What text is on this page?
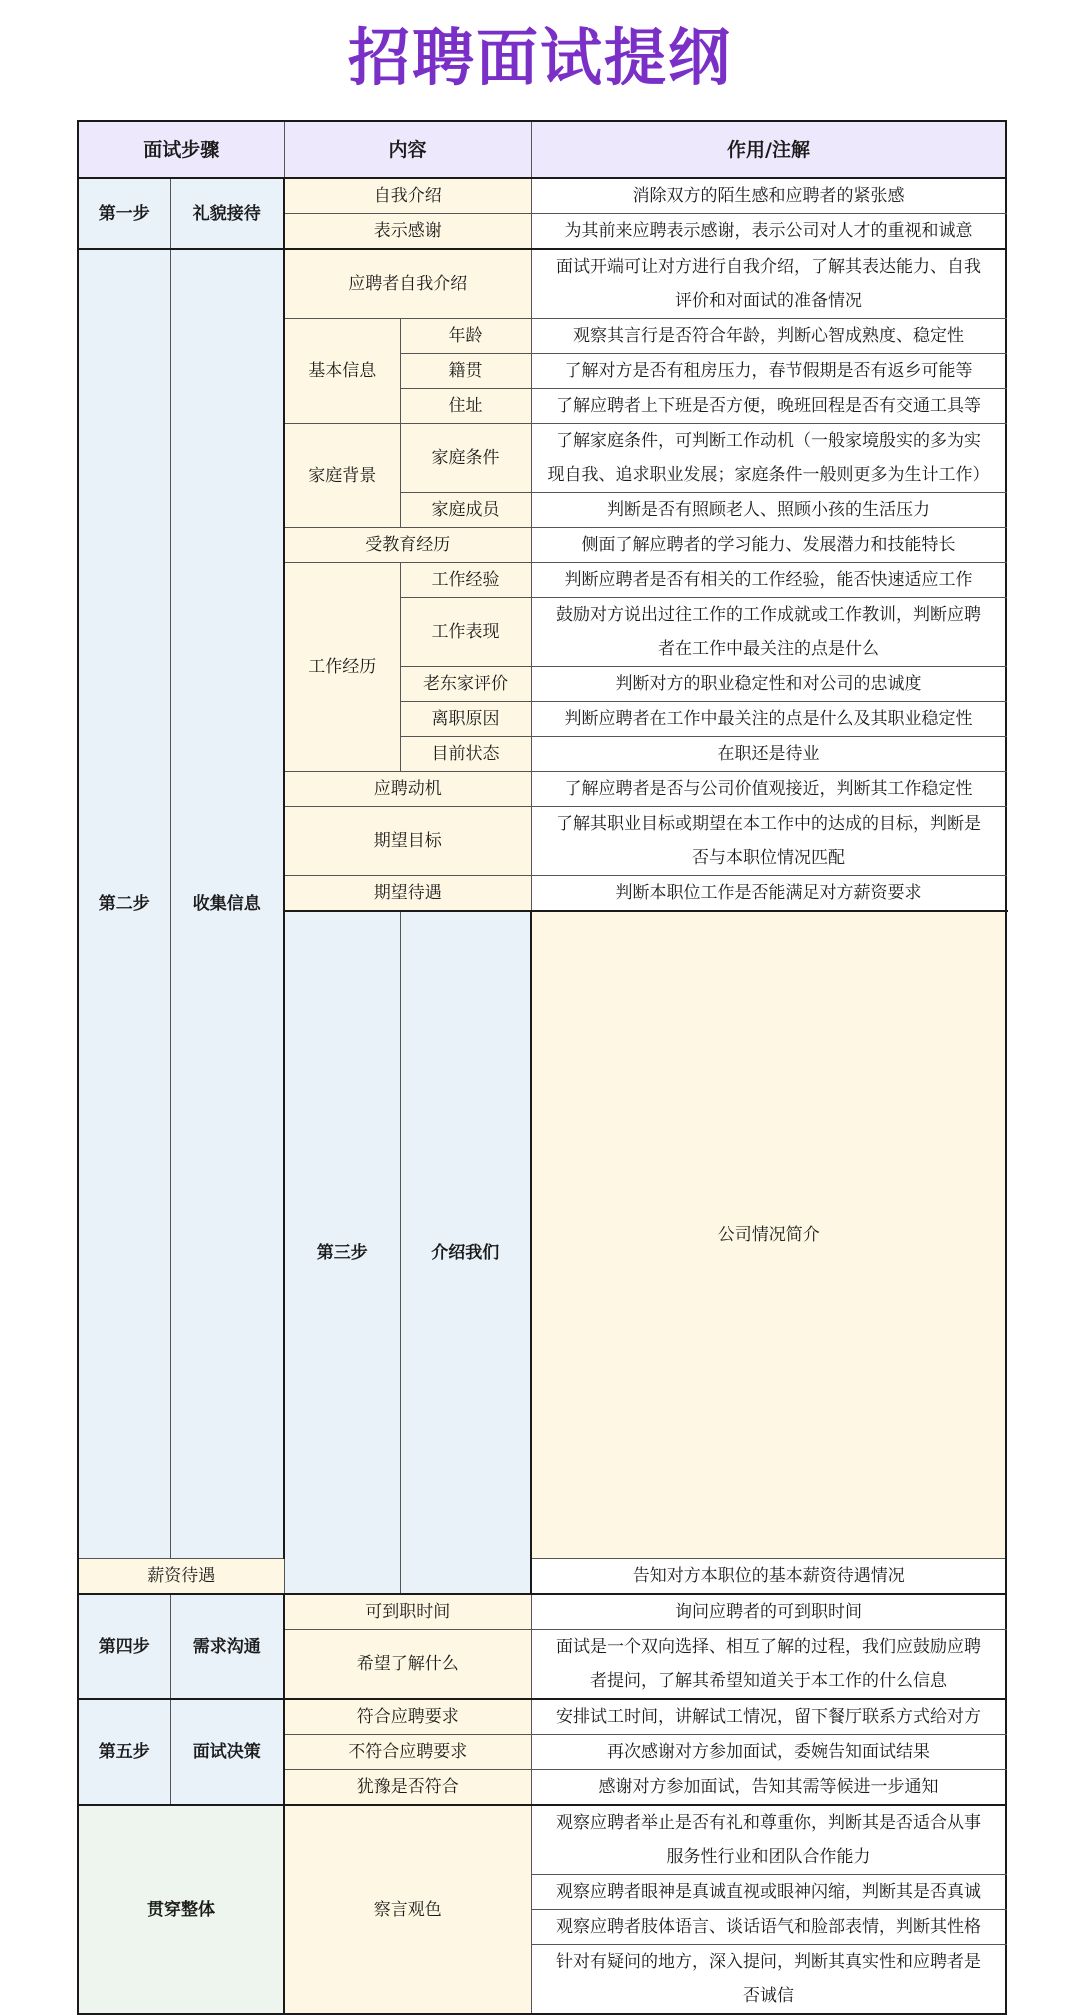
招聘面试提纲
面试步骤		内容		作用/注解	
第一步	礼貌接待	自我介绍		消除双方的陌生感和应聘者的紧张感	
		表示感谢		为其前来应聘表示感谢，表示公司对人才的重视和诚意	
第二步	收集信息	应聘者自我介绍		面试开端可让对方进行自我介绍，了解其表达能力、自我	
				评价和对面试的准备情况	
		基本信息	年龄	观察其言行是否符合年龄，判断心智成熟度、稳定性	
			籍贯	了解对方是否有租房压力，春节假期是否有返乡可能等	
			住址	了解应聘者上下班是否方便，晚班回程是否有交通工具等	
		家庭背景	家庭条件	了解家庭条件，可判断工作动机（一般家境殷实的多为实	
				现自我、追求职业发展；家庭条件一般则更多为生计工作）	
			家庭成员	判断是否有照顾老人、照顾小孩的生活压力	
		受教育经历		侧面了解应聘者的学习能力、发展潜力和技能特长	
		工作经历	工作经验	判断应聘者是否有相关的工作经验，能否快速适应工作	
			工作表现	鼓励对方说出过往工作的工作成就或工作教训，判断应聘	
				者在工作中最关注的点是什么	
			老东家评价	判断对方的职业稳定性和对公司的忠诚度	
			离职原因	判断应聘者在工作中最关注的点是什么及其职业稳定性	
			目前状态	在职还是待业	
		应聘动机		了解应聘者是否与公司价值观接近，判断其工作稳定性	
		期望目标		了解其职业目标或期望在本工作中的达成的目标，判断是	
				否与本职位情况匹配	
		期望待遇		判断本职位工作是否能满足对方薪资要求	
		第三步	介绍我们	公司情况简介	
薪资待遇				告知对方本职位的基本薪资待遇情况	
第四步	需求沟通	可到职时间		询问应聘者的可到职时间	
		希望了解什么		面试是一个双向选择、相互了解的过程，我们应鼓励应聘	
				者提问，了解其希望知道关于本工作的什么信息	
第五步	面试决策	符合应聘要求		安排试工时间，讲解试工情况，留下餐厅联系方式给对方	
		不符合应聘要求		再次感谢对方参加面试，委婉告知面试结果	
		犹豫是否符合		感谢对方参加面试，告知其需等候进一步通知	
贯穿整体		察言观色		观察应聘者举止是否有礼和尊重你，判断其是否适合从事	
				服务性行业和团队合作能力	
				观察应聘者眼神是真诚直视或眼神闪缩，判断其是否真诚	
				观察应聘者肢体语言、谈话语气和脸部表情，判断其性格	
				针对有疑问的地方，深入提问，判断其真实性和应聘者是	
				否诚信	
